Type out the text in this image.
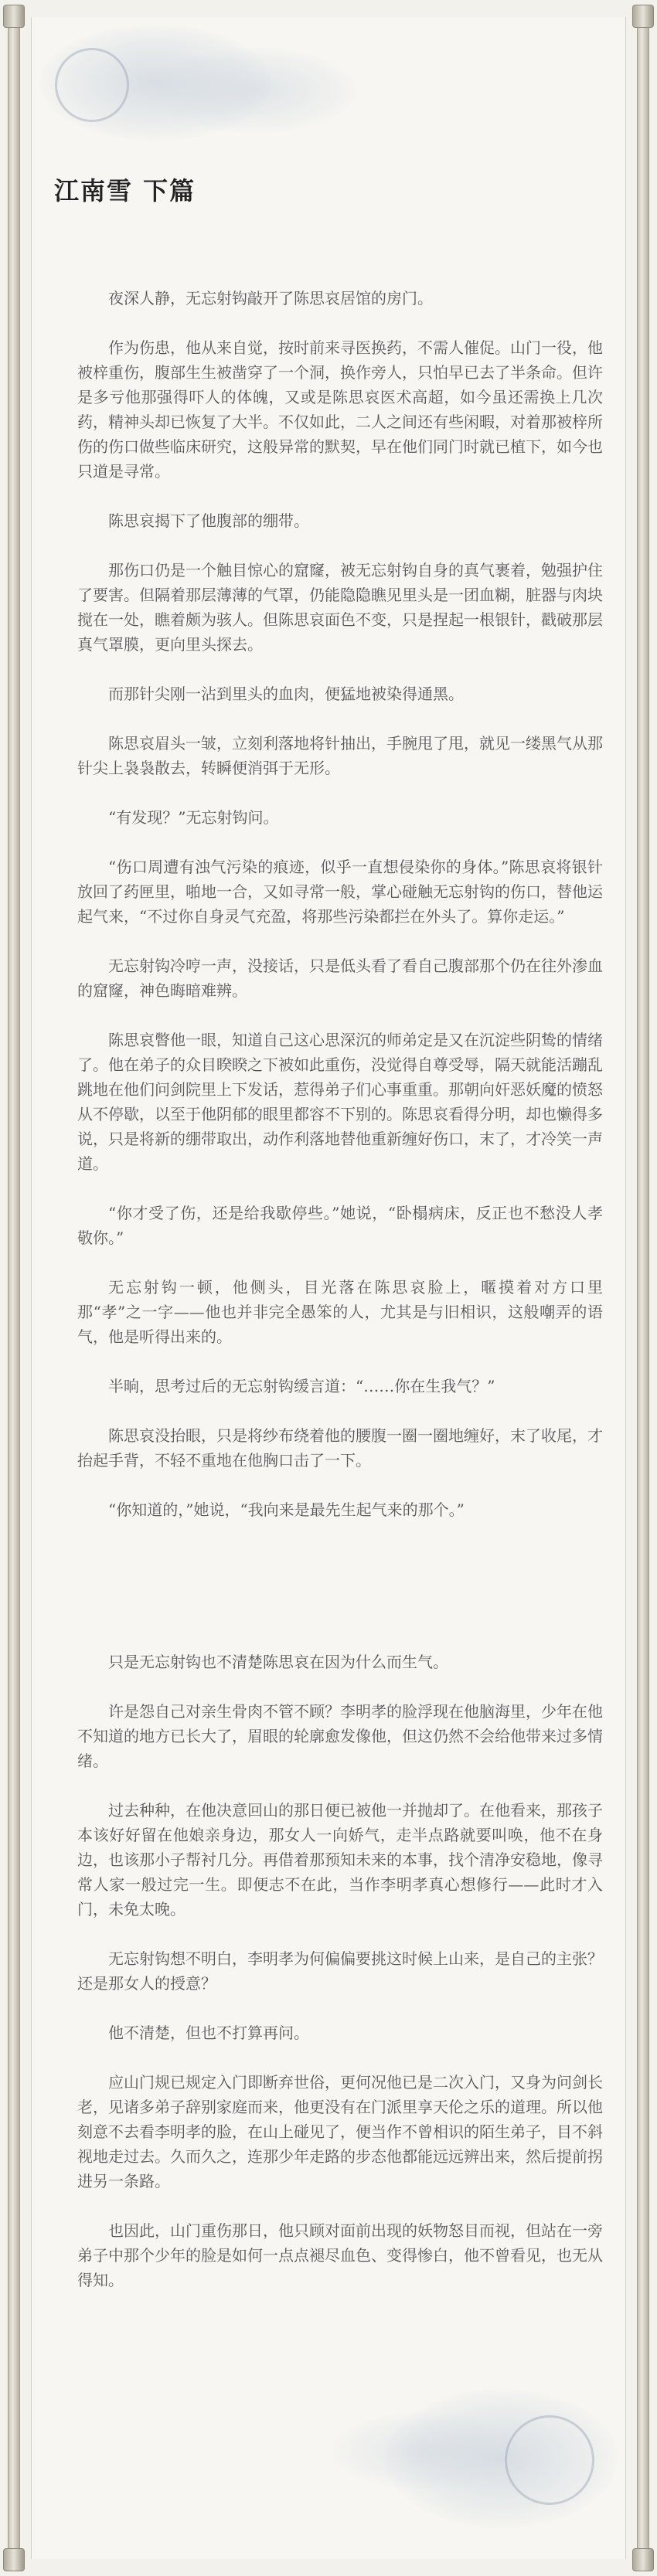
江南雪 下篇

夜深人静，无忘射钩敲开了陈思哀居馆的房门。

作为伤患，他从来自觉，按时前来寻医换药，不需人催促。山门一役，他被梓重伤，腹部生生被凿穿了一个洞，换作旁人，只怕早已去了半条命。但许是多亏他那强得吓人的体魄，又或是陈思哀医术高超，如今虽还需换上几次药，精神头却已恢复了大半。不仅如此，二人之间还有些闲暇，对着那被梓所伤的伤口做些临床研究，这般异常的默契，早在他们同门时就已植下，如今也只道是寻常。

陈思哀揭下了他腹部的绷带。

那伤口仍是一个触目惊心的窟窿，被无忘射钩自身的真气裹着，勉强护住了要害。但隔着那层薄薄的气罩，仍能隐隐瞧见里头是一团血糊，脏器与肉块搅在一处，瞧着颇为骇人。但陈思哀面色不变，只是捏起一根银针，戳破那层真气罩膜，更向里头探去。

而那针尖刚一沾到里头的血肉，便猛地被染得通黑。

陈思哀眉头一皱，立刻利落地将针抽出，手腕甩了甩，就见一缕黑气从那针尖上袅袅散去，转瞬便消弭于无形。

“有发现？”无忘射钩问。

“伤口周遭有浊气污染的痕迹，似乎一直想侵染你的身体。”陈思哀将银针放回了药匣里，啪地一合，又如寻常一般，掌心碰触无忘射钩的伤口，替他运起气来，“不过你自身灵气充盈，将那些污染都拦在外头了。算你走运。”

无忘射钩冷哼一声，没接话，只是低头看了看自己腹部那个仍在往外渗血的窟窿，神色晦暗难辨。

陈思哀瞥他一眼，知道自己这心思深沉的师弟定是又在沉淀些阴鸷的情绪了。他在弟子的众目睽睽之下被如此重伤，没觉得自尊受辱，隔天就能活蹦乱跳地在他们问剑院里上下发话，惹得弟子们心事重重。那朝向奸恶妖魔的愤怒从不停歇，以至于他阴郁的眼里都容不下别的。陈思哀看得分明，却也懒得多说，只是将新的绷带取出，动作利落地替他重新缠好伤口，末了，才冷笑一声道。

“你才受了伤，还是给我歇停些。”她说，“卧榻病床，反正也不愁没人孝敬你。”

无忘射钩一顿，他侧头，目光落在陈思哀脸上，暱摸着对方口里那“孝”之一字——他也并非完全愚笨的人，尤其是与旧相识，这般嘲弄的语气，他是听得出来的。

半晌，思考过后的无忘射钩缓言道：“……你在生我气？”

陈思哀没抬眼，只是将纱布绕着他的腰腹一圈一圈地缠好，末了收尾，才抬起手背，不轻不重地在他胸口击了一下。

“你知道的，”她说，“我向来是最先生起气来的那个。”

只是无忘射钩也不清楚陈思哀在因为什么而生气。

许是怨自己对亲生骨肉不管不顾？李明孝的脸浮现在他脑海里，少年在他不知道的地方已长大了，眉眼的轮廓愈发像他，但这仍然不会给他带来过多情绪。

过去种种，在他决意回山的那日便已被他一并抛却了。在他看来，那孩子本该好好留在他娘亲身边，那女人一向娇气，走半点路就要叫唤，他不在身边，也该那小子帮衬几分。再借着那预知未来的本事，找个清净安稳地，像寻常人家一般过完一生。即便志不在此，当作李明孝真心想修行——此时才入门，未免太晚。

无忘射钩想不明白，李明孝为何偏偏要挑这时候上山来，是自己的主张？还是那女人的授意？

他不清楚，但也不打算再问。

应山门规已规定入门即断弃世俗，更何况他已是二次入门，又身为问剑长老，见诸多弟子辞别家庭而来，他更没有在门派里享天伦之乐的道理。所以他刻意不去看李明孝的脸，在山上碰见了，便当作不曾相识的陌生弟子，目不斜视地走过去。久而久之，连那少年走路的步态他都能远远辨出来，然后提前拐进另一条路。

也因此，山门重伤那日，他只顾对面前出现的妖物怒目而视，但站在一旁弟子中那个少年的脸是如何一点点褪尽血色、变得惨白，他不曾看见，也无从得知。
